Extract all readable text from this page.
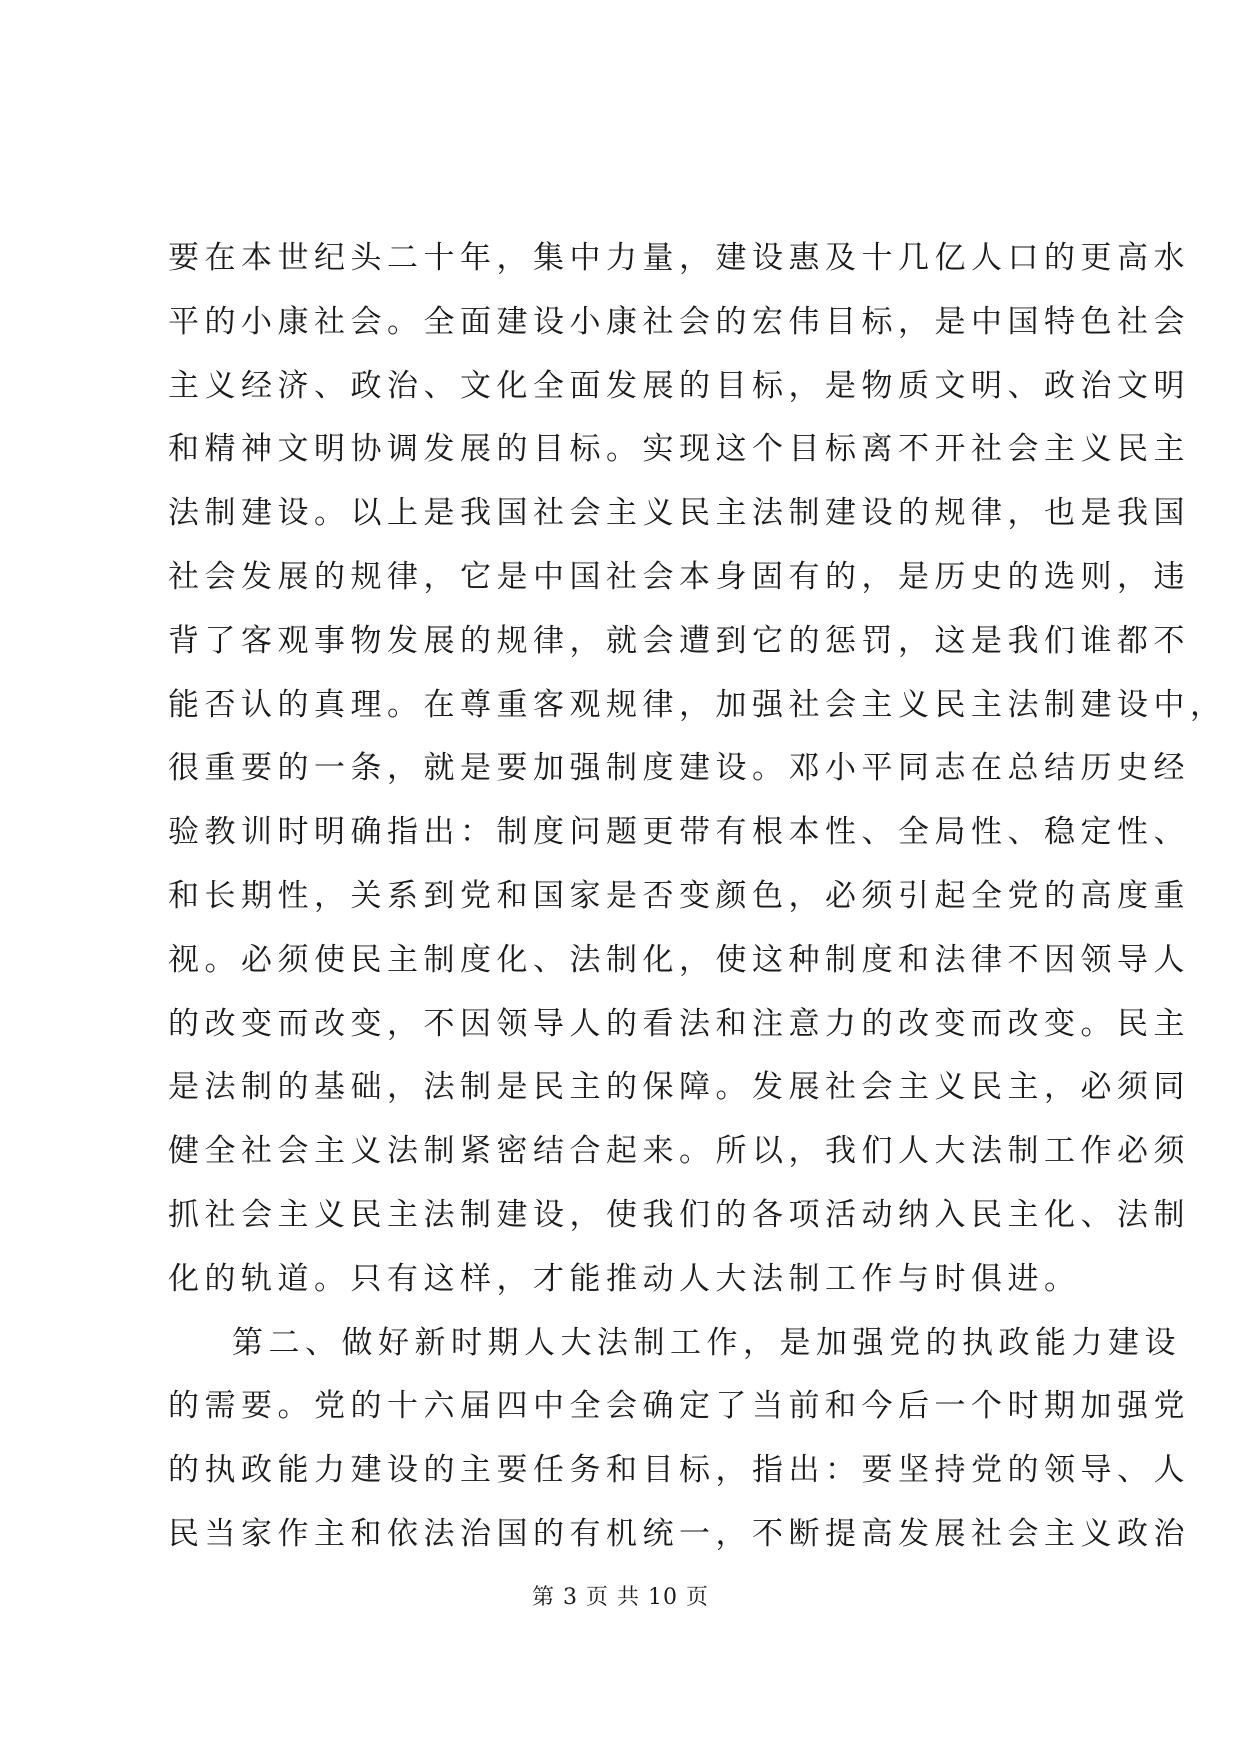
要在本世纪头二十年，集中力量，建设惠及十几亿人口的更高水
平的小康社会。全面建设小康社会的宏伟目标，是中国特色社会
主义经济、政治、文化全面发展的目标，是物质文明、政治文明
和精神文明协调发展的目标。实现这个目标离不开社会主义民主
法制建设。以上是我国社会主义民主法制建设的规律，也是我国
社会发展的规律，它是中国社会本身固有的，是历史的选则，违
背了客观事物发展的规律，就会遭到它的惩罚，这是我们谁都不
能否认的真理。在尊重客观规律，加强社会主义民主法制建设中，
很重要的一条，就是要加强制度建设。邓小平同志在总结历史经
验教训时明确指出：制度问题更带有根本性、全局性、稳定性、
和长期性，关系到党和国家是否变颜色，必须引起全党的高度重
视。必须使民主制度化、法制化，使这种制度和法律不因领导人
的改变而改变，不因领导人的看法和注意力的改变而改变。民主
是法制的基础，法制是民主的保障。发展社会主义民主，必须同
健全社会主义法制紧密结合起来。所以，我们人大法制工作必须
抓社会主义民主法制建设，使我们的各项活动纳入民主化、法制
化的轨道。只有这样，才能推动人大法制工作与时俱进。
第二、做好新时期人大法制工作，是加强党的执政能力建设
的需要。党的十六届四中全会确定了当前和今后一个时期加强党
的执政能力建设的主要任务和目标，指出：要坚持党的领导、人
民当家作主和依法治国的有机统一，不断提高发展社会主义政治
第 3 页 共 10 页
